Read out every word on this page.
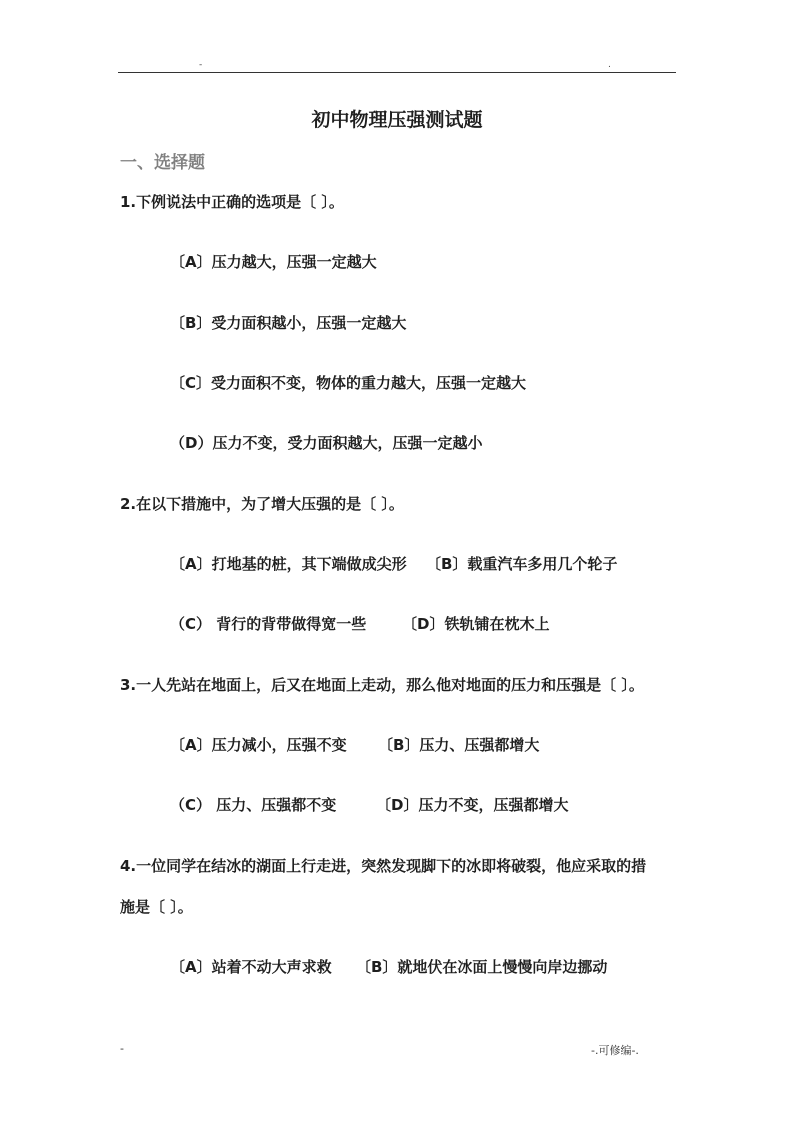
-	.
初中物理压强测试题
一、选择题
1.下例说法中正确的选项是〔 〕。
〔A〕压力越大，压强一定越大
〔B〕受力面积越小，压强一定越大
〔C〕受力面积不变，物体的重力越大，压强一定越大
（D）压力不变，受力面积越大，压强一定越小
2.在以下措施中，为了增大压强的是〔 〕。
〔A〕打地基的桩，其下端做成尖形 〔B〕载重汽车多用几个轮子
（C） 背行的背带做得宽一些 〔D〕铁轨铺在枕木上
3.一人先站在地面上，后又在地面上走动，那么他对地面的压力和压强是〔 〕。
〔A〕压力减小，压强不变 〔B〕压力、压强都增大
（C） 压力、压强都不变	〔D〕压力不变，压强都增大
4.一位同学在结冰的湖面上行走进，突然发现脚下的冰即将破裂，他应采取的措
施是〔 〕。
〔A〕站着不动大声求救 〔B〕就地伏在冰面上慢慢向岸边挪动
-	-.可修编-.
